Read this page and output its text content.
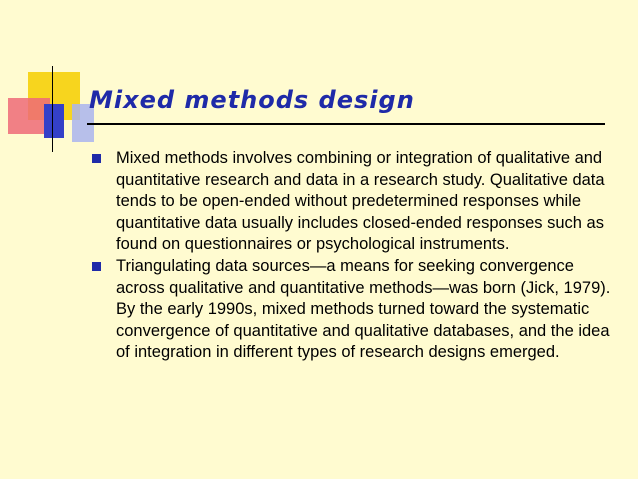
Mixed methods design
Mixed methods involves combining or integration of qualitative and quantitative research and data in a research study. Qualitative data tends to be open-ended without predetermined responses while quantitative data usually includes closed-ended responses such as found on questionnaires or psychological instruments.
Triangulating data sources—a means for seeking convergence across qualitative and quantitative methods—was born (Jick, 1979). By the early 1990s, mixed methods turned toward the systematic convergence of quantitative and qualitative databases, and the idea of integration in different types of research designs emerged.
